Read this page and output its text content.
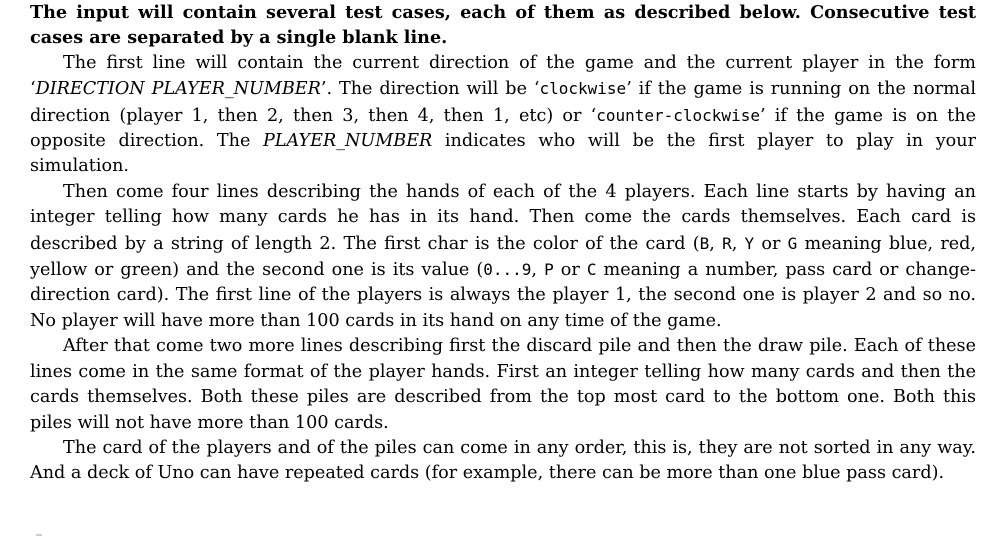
The input will contain several test cases, each of them as described below. Consecutive test cases are separated by a single blank line.

The first line will contain the current direction of the game and the current player in the form ‘DIRECTION PLAYER_NUMBER’. The direction will be ‘clockwise’ if the game is running on the normal direction (player 1, then 2, then 3, then 4, then 1, etc) or ‘counter-clockwise’ if the game is on the opposite direction. The PLAYER_NUMBER indicates who will be the first player to play in your simulation.

Then come four lines describing the hands of each of the 4 players. Each line starts by having an integer telling how many cards he has in its hand. Then come the cards themselves. Each card is described by a string of length 2. The first char is the color of the card (B, R, Y or G meaning blue, red, yellow or green) and the second one is its value (0...9, P or C meaning a number, pass card or change-direction card). The first line of the players is always the player 1, the second one is player 2 and so no. No player will have more than 100 cards in its hand on any time of the game.

After that come two more lines describing first the discard pile and then the draw pile. Each of these lines come in the same format of the player hands. First an integer telling how many cards and then the cards themselves. Both these piles are described from the top most card to the bottom one. Both this piles will not have more than 100 cards.

The card of the players and of the piles can come in any order, this is, they are not sorted in any way. And a deck of Uno can have repeated cards (for example, there can be more than one blue pass card).
